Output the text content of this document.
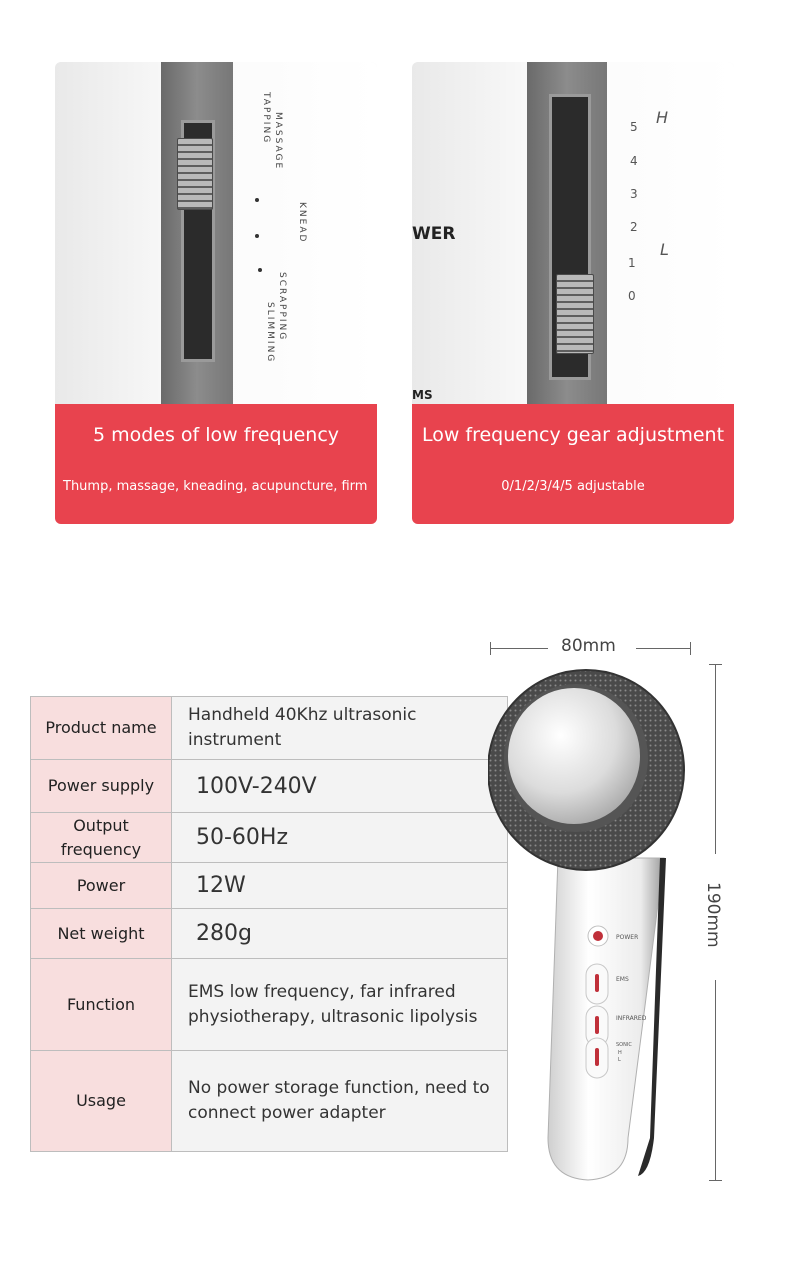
MASSAGE
TAPPING
KNEAD
SCRAPPING
SLIMMING
5 modes of low frequency
Thump, massage, kneading, acupuncture, firm
WER
MS
5
4
3
2
1
0
H
L
Low frequency gear adjustment
0/1/2/3/4/5 adjustable
80mm
190mm
Product name	Handheld 40Khz ultrasonic instrument
Power supply	100V-240V
Output frequency	50-60Hz
Power	12W
Net weight	280g
Function	EMS low frequency, far infrared physiotherapy, ultrasonic lipolysis
Usage	No power storage function, need to connect power adapter
POWER
EMS
INFRARED
SONIC
H
L
